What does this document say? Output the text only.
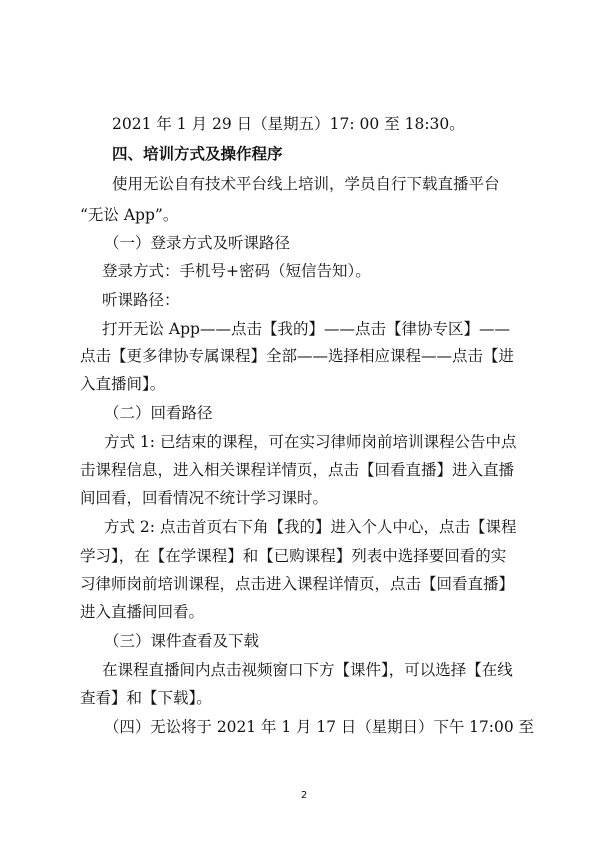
2021 年 1 月 29 日（星期五）17: 00 至 18:30。
四、培训方式及操作程序
使用无讼自有技术平台线上培训，学员自行下载直播平台
“无讼 App”。
（一）登录方式及听课路径
登录方式：手机号+密码（短信告知）。
听课路径：
打开无讼 App——点击【我的】——点击【律协专区】——
点击【更多律协专属课程】全部——选择相应课程——点击【进
入直播间】。
（二）回看路径
方式 1: 已结束的课程，可在实习律师岗前培训课程公告中点
击课程信息，进入相关课程详情页，点击【回看直播】进入直播
间回看，回看情况不统计学习课时。
方式 2: 点击首页右下角【我的】进入个人中心，点击【课程
学习】，在【在学课程】和【已购课程】列表中选择要回看的实
习律师岗前培训课程，点击进入课程详情页，点击【回看直播】
进入直播间回看。
（三）课件查看及下载
在课程直播间内点击视频窗口下方【课件】，可以选择【在线
查看】和【下载】。
（四）无讼将于 2021 年 1 月 17 日（星期日）下午 17:00 至
2
